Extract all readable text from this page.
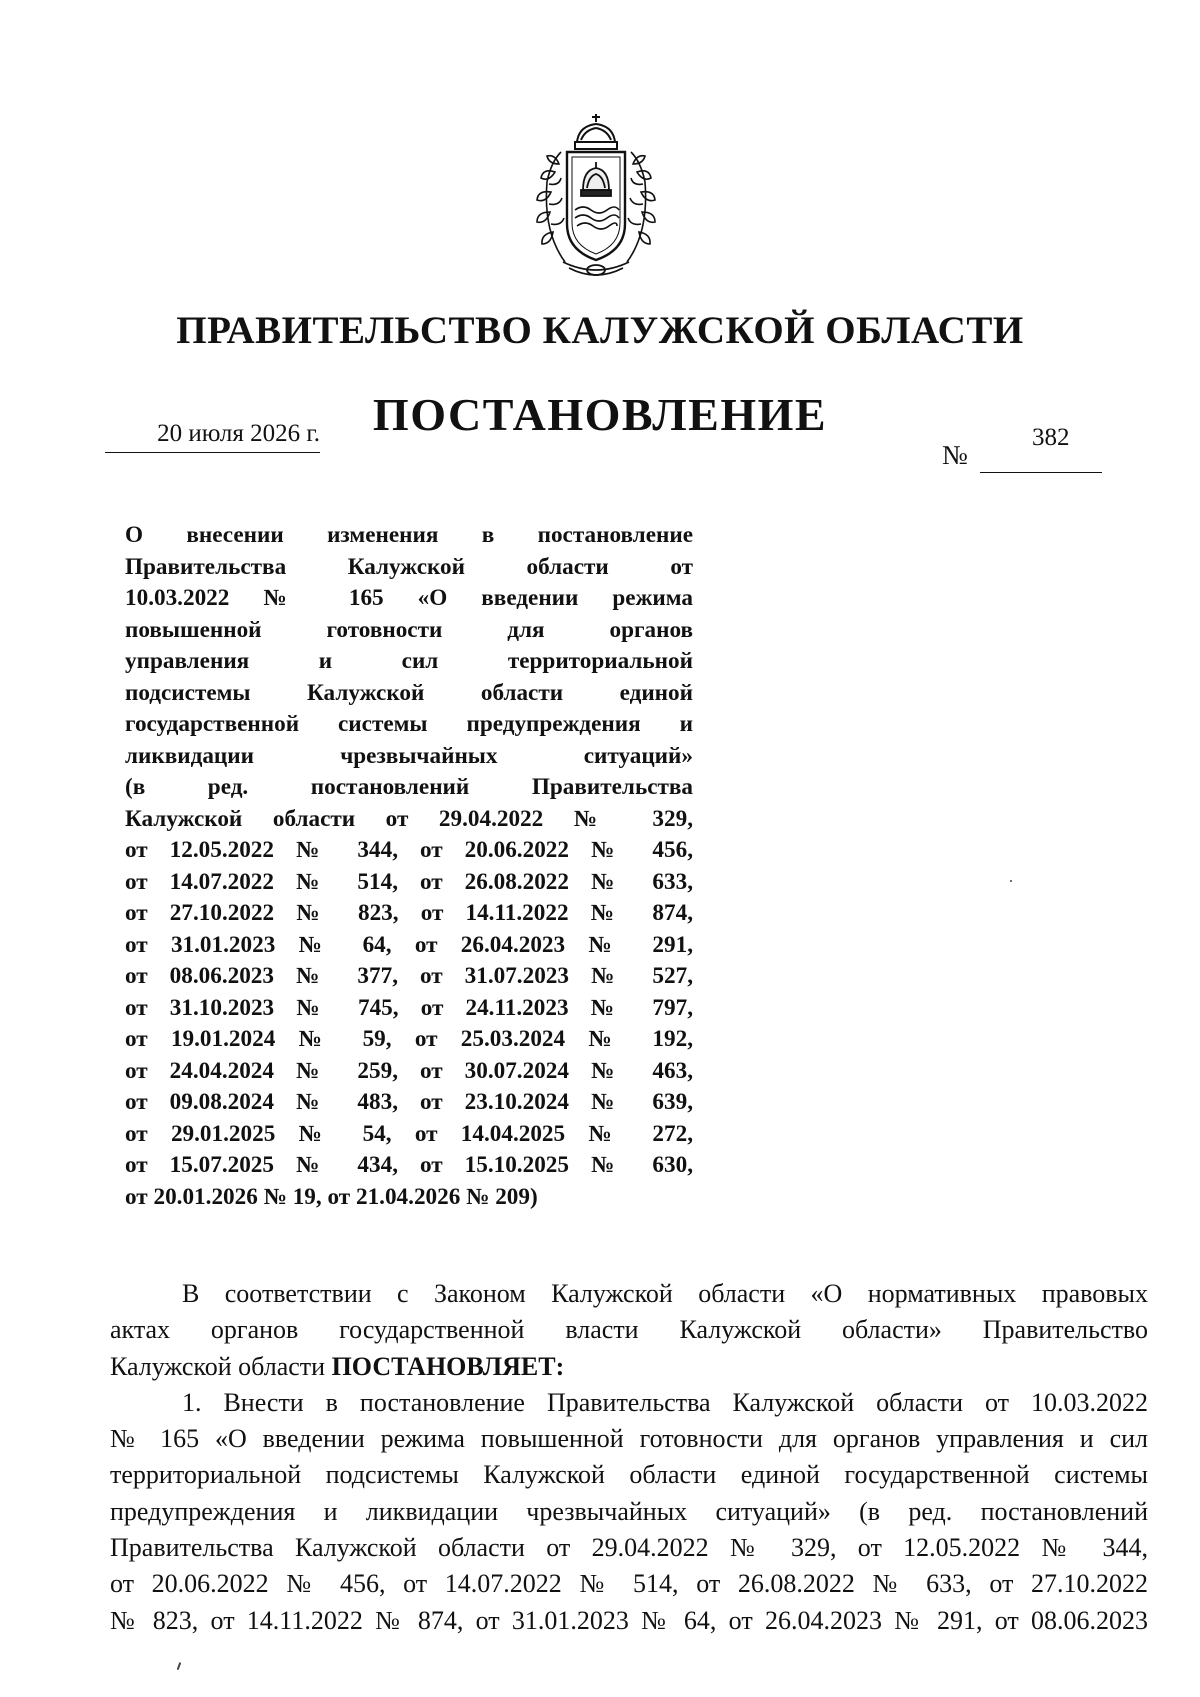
ПРАВИТЕЛЬСТВО КАЛУЖСКОЙ ОБЛАСТИ
ПОСТАНОВЛЕНИЕ
20 июля 2026 г.
№
382
О внесении изменения в постановление
Правительства Калужской области от
10.03.2022 № 165 «О введении режима
повышенной готовности для органов
управления и сил территориальной
подсистемы Калужской области единой
государственной системы предупреждения и
ликвидации чрезвычайных ситуаций»
(в ред. постановлений Правительства
Калужской области от 29.04.2022 № 329,
от 12.05.2022 № 344, от 20.06.2022 № 456,
от 14.07.2022 № 514, от 26.08.2022 № 633,
от 27.10.2022 № 823, от 14.11.2022 № 874,
от 31.01.2023 № 64, от 26.04.2023 № 291,
от 08.06.2023 № 377, от 31.07.2023 № 527,
от 31.10.2023 № 745, от 24.11.2023 № 797,
от 19.01.2024 № 59, от 25.03.2024 № 192,
от 24.04.2024 № 259, от 30.07.2024 № 463,
от 09.08.2024 № 483, от 23.10.2024 № 639,
от 29.01.2025 № 54, от 14.04.2025 № 272,
от 15.07.2025 № 434, от 15.10.2025 № 630,
от 20.01.2026 № 19, от 21.04.2026 № 209)
В соответствии с Законом Калужской области «О нормативных правовых
актах органов государственной власти Калужской области» Правительство
Калужской области ПОСТАНОВЛЯЕТ:
1. Внести в постановление Правительства Калужской области от 10.03.2022
№ 165 «О введении режима повышенной готовности для органов управления и сил
территориальной подсистемы Калужской области единой государственной системы
предупреждения и ликвидации чрезвычайных ситуаций» (в ред. постановлений
Правительства Калужской области от 29.04.2022 № 329, от 12.05.2022 № 344,
от 20.06.2022 № 456, от 14.07.2022 № 514, от 26.08.2022 № 633, от 27.10.2022
№ 823, от 14.11.2022 № 874, от 31.01.2023 № 64, от 26.04.2023 № 291, от 08.06.2023
